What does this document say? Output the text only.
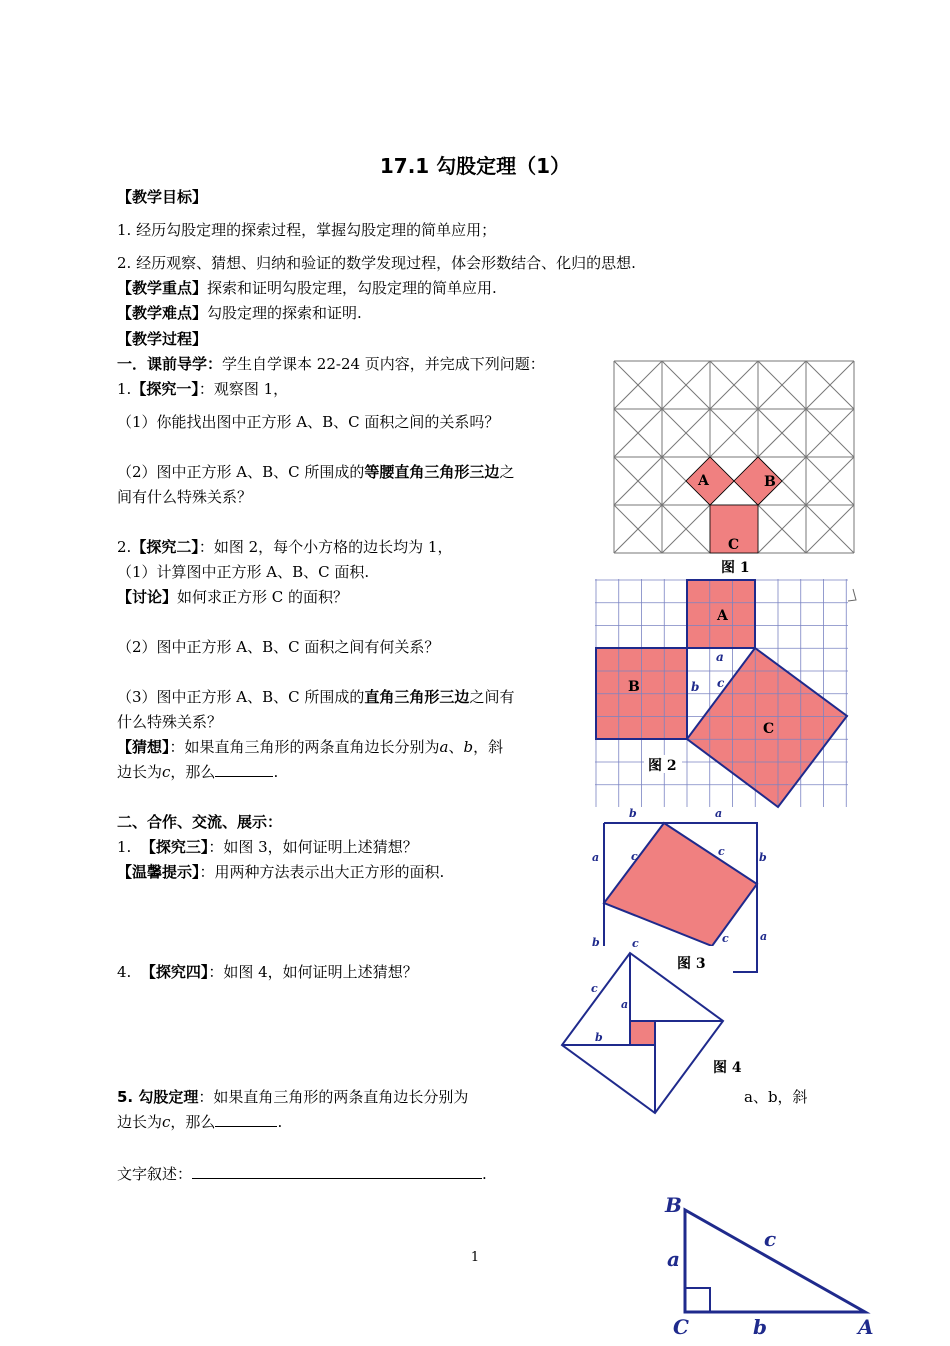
17.1 勾股定理（1）
【教学目标】
1. 经历勾股定理的探索过程，掌握勾股定理的简单应用；
2. 经历观察、猜想、归纳和验证的数学发现过程，体会形数结合、化归的思想.
【教学重点】探索和证明勾股定理，勾股定理的简单应用.
【教学难点】勾股定理的探索和证明.
【教学过程】
一．课前导学：学生自学课本 22-24 页内容，并完成下列问题：
1.【探究一】：观察图 1，
（1）你能找出图中正方形 A、B、C 面积之间的关系吗？
（2）图中正方形 A、B、C 所围成的等腰直角三角形三边之
间有什么特殊关系？
2.【探究二】：如图 2，每个小方格的边长均为 1，
（1）计算图中正方形 A、B、C 面积.
【讨论】如何求正方形 C 的面积？
（2）图中正方形 A、B、C 面积之间有何关系？
（3）图中正方形 A、B、C 所围成的直角三角形三边之间有
什么特殊关系？
【猜想】：如果直角三角形的两条直角边长分别为a、b，斜
边长为c，那么	.
二、合作、交流、展示：
1. 【探究三】：如图 3，如何证明上述猜想？
【温馨提示】：用两种方法表示出大正方形的面积.
4. 【探究四】：如图 4，如何证明上述猜想？
5. 勾股定理：如果直角三角形的两条直角边长分别为	a、b，斜
边长为c，那么	.
文字叙述：	.
1
A	B
C
图 1
A
B
C
a
b c
图 2
b	a
a	b
c	c
b	a
c	c
图 3
c
a
b
图 4
B
C	A
a
b
c
